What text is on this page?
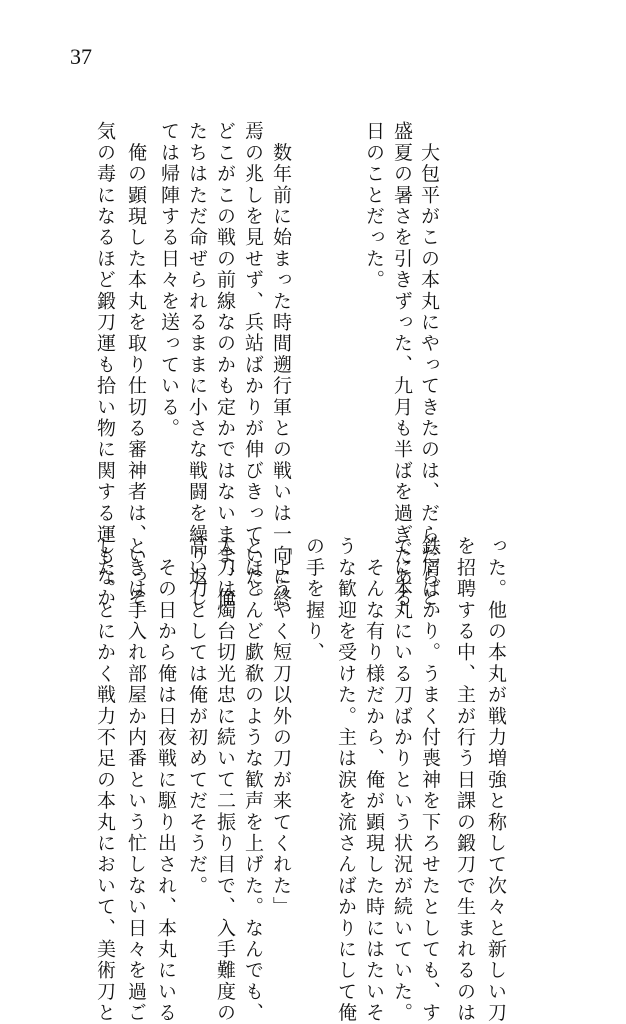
37
　大包平がこの本丸にやってきたのは、だらだらと
盛夏の暑さを引きずった、九月も半ばを過ぎたある
日のことだった。
　数年前に始まった時間遡行軍との戦いは一向に終
焉の兆しを見せず、兵站ばかりが伸びきっていた。
どこがこの戦の前線なのかも定かではないまま、俺
たちはただ命ぜられるままに小さな戦闘を繰り返し
ては帰陣する日々を送っている。
　俺の顕現した本丸を取り仕切る審神者は、いっそ
気の毒になるほど鍛刀運も拾い物に関する運もなか
った。他の本丸が戦力増強と称して次々と新しい刀
を招聘する中、主が行う日課の鍛刀で生まれるのは
鉄屑ばかり。うまく付喪神を下ろせたとしても、す
でに本丸にいる刀ばかりという状況が続いていた。
　そんな有り様だから、俺が顕現した時にはたいそ
うな歓迎を受けた。主は涙を流さんばかりにして俺
の手を握り、
「ようやく短刀以外の刀が来てくれた」
とほとんど歔欷のような歓声を上げた。なんでも、
太刀は燭台切光忠に続いて二振り目で、入手難度の
高い刀としては俺が初めてだそうだ。
　その日から俺は日夜戦に駆り出され、本丸にいる
ときは手入れ部屋か内番という忙しない日々を過ご
した。とにかく戦力不足の本丸において、美術刀と
